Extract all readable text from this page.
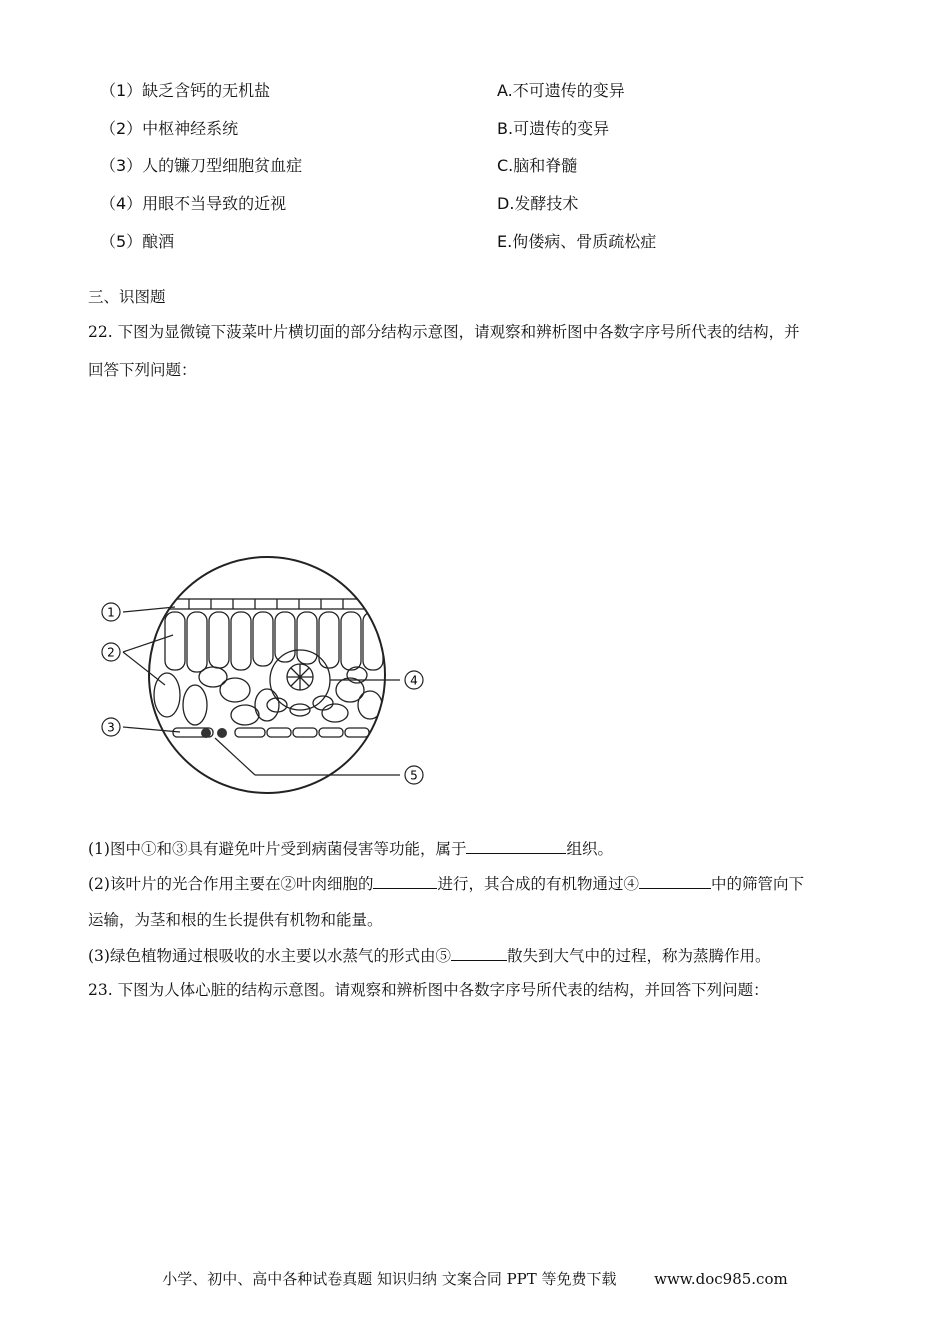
（1）缺乏含钙的无机盐	A.不可遗传的变异
（2）中枢神经系统	B.可遗传的变异
（3）人的镰刀型细胞贫血症	C.脑和脊髓
（4）用眼不当导致的近视	D.发酵技术
（5）酿酒	E.佝偻病、骨质疏松症
三、识图题
22. 下图为显微镜下菠菜叶片横切面的部分结构示意图，请观察和辨析图中各数字序号所代表的结构，并
回答下列问题：
1
2
3
4
5
(1)图中①和③具有避免叶片受到病菌侵害等功能，属于	组织。
(2)该叶片的光合作用主要在②叶肉细胞的	进行，其合成的有机物通过④	中的筛管向下
运输，为茎和根的生长提供有机物和能量。
(3)绿色植物通过根吸收的水主要以水蒸气的形式由⑤	散失到大气中的过程，称为蒸腾作用。
23. 下图为人体心脏的结构示意图。请观察和辨析图中各数字序号所代表的结构，并回答下列问题：
小学、初中、高中各种试卷真题 知识归纳 文案合同 PPT 等免费下载	www.doc985.com
